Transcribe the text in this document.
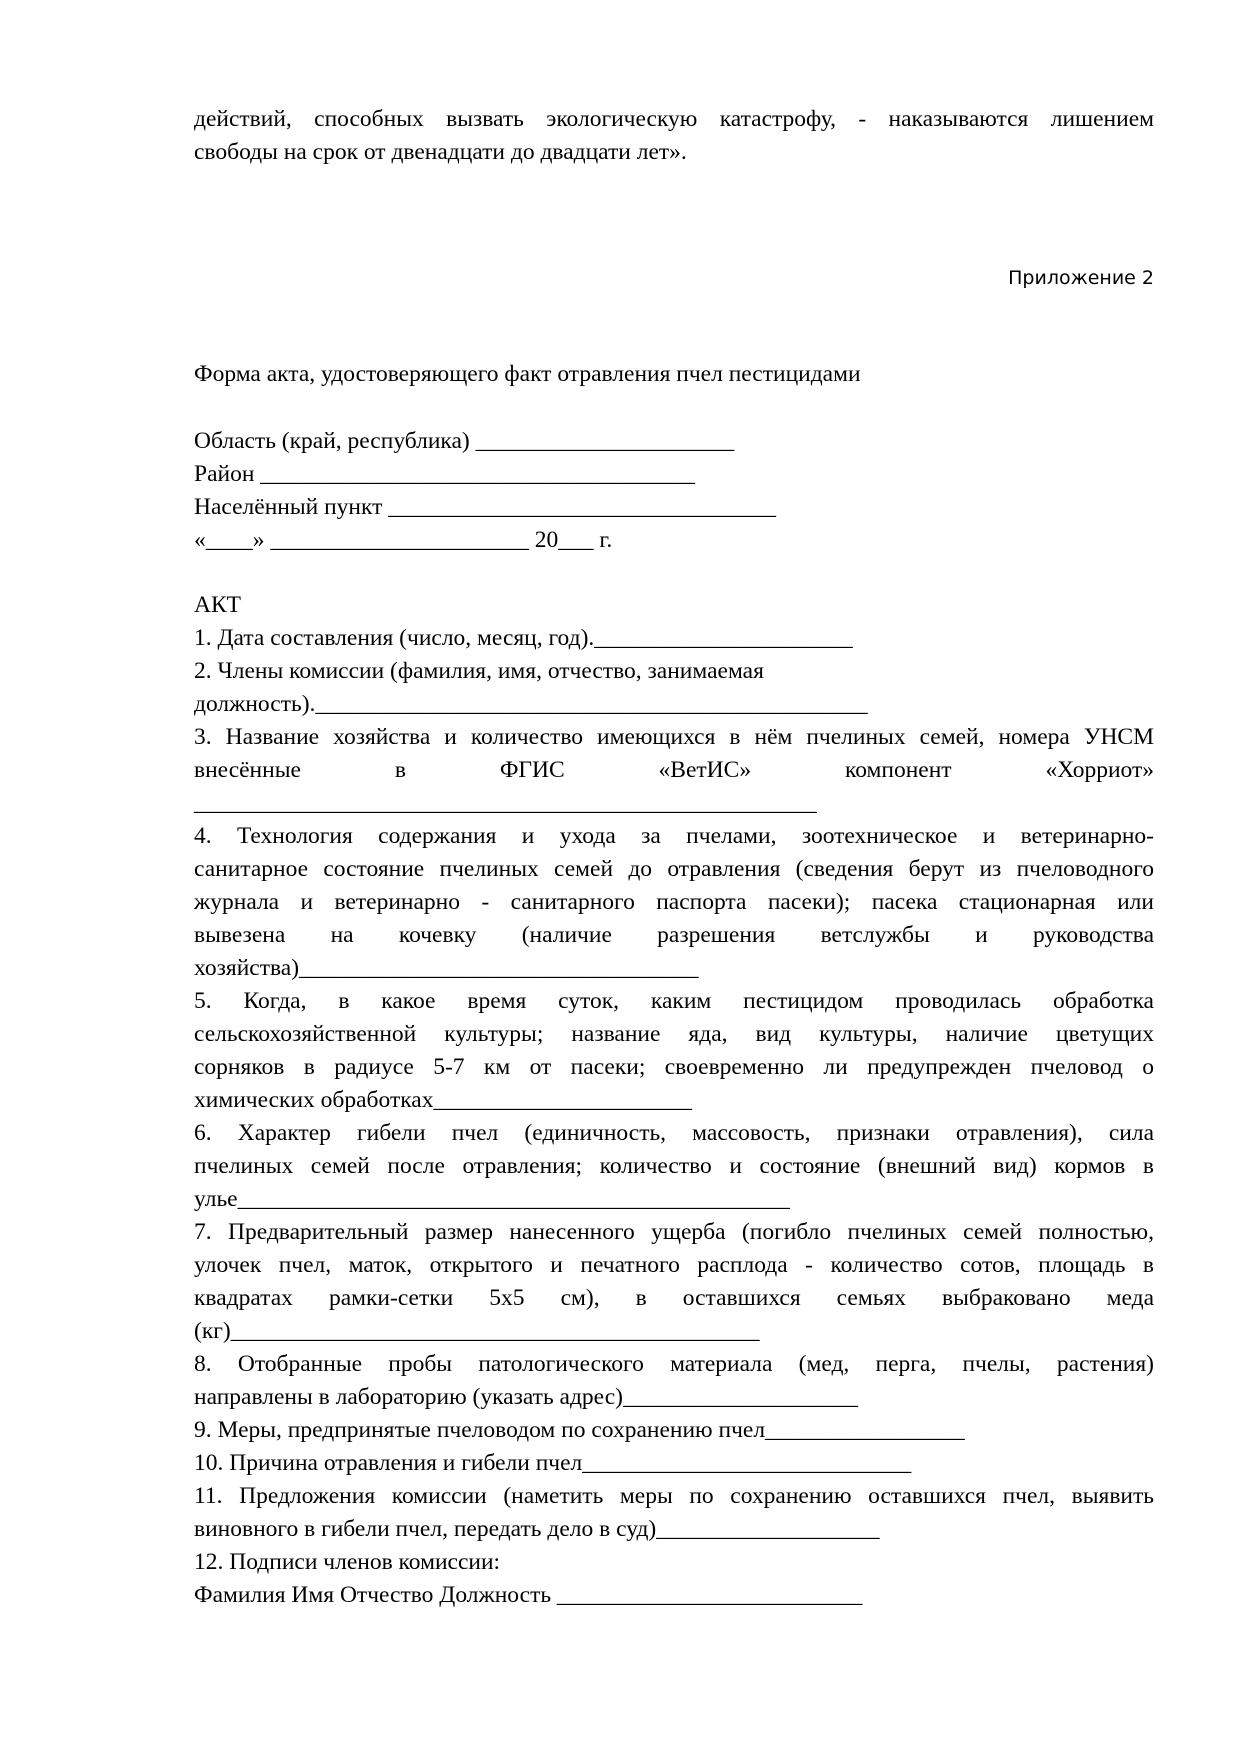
действий, способных вызвать экологическую катастрофу, - наказываются лишением
свободы на срок от двенадцати до двадцати лет».
Форма акта, удостоверяющего факт отравления пчел пестицидами
Область (край, республика) ______________________
Район _____________________________________
Населённый пункт _________________________________
«____» ______________________ 20___ г.
АКТ
1. Дата составления (число, месяц, год).______________________
2. Члены комиссии (фамилия, имя, отчество, занимаемая
должность)._______________________________________________
3. Название хозяйства и количество имеющихся в нём пчелиных семей, номера УНСМ
внесённые в ФГИС «ВетИС» компонент «Хорриот»
_____________________________________________________
4. Технология содержания и ухода за пчелами, зоотехническое и ветеринарно-
санитарное состояние пчелиных семей до отравления (сведения берут из пчеловодного
журнала и ветеринарно - санитарного паспорта пасеки); пасека стационарная или
вывезена на кочевку (наличие разрешения ветслужбы и руководства
хозяйства)__________________________________
5. Когда, в какое время суток, каким пестицидом проводилась обработка
сельскохозяйственной культуры; название яда, вид культуры, наличие цветущих
сорняков в радиусе 5-7 км от пасеки; своевременно ли предупрежден пчеловод о
химических обработках______________________
6. Характер гибели пчел (единичность, массовость, признаки отравления), сила
пчелиных семей после отравления; количество и состояние (внешний вид) кормов в
улье_______________________________________________
7. Предварительный размер нанесенного ущерба (погибло пчелиных семей полностью,
улочек пчел, маток, открытого и печатного расплода - количество сотов, площадь в
квадратах рамки-сетки 5х5 см), в оставшихся семьях выбраковано меда
(кг)_____________________________________________
8. Отобранные пробы патологического материала (мед, перга, пчелы, растения)
направлены в лабораторию (указать адрес)____________________
9. Меры, предпринятые пчеловодом по сохранению пчел_________________
10. Причина отравления и гибели пчел____________________________
11. Предложения комиссии (наметить меры по сохранению оставшихся пчел, выявить
виновного в гибели пчел, передать дело в суд)___________________
12. Подписи членов комиссии:
Фамилия Имя Отчество Должность __________________________
Приложение 2
